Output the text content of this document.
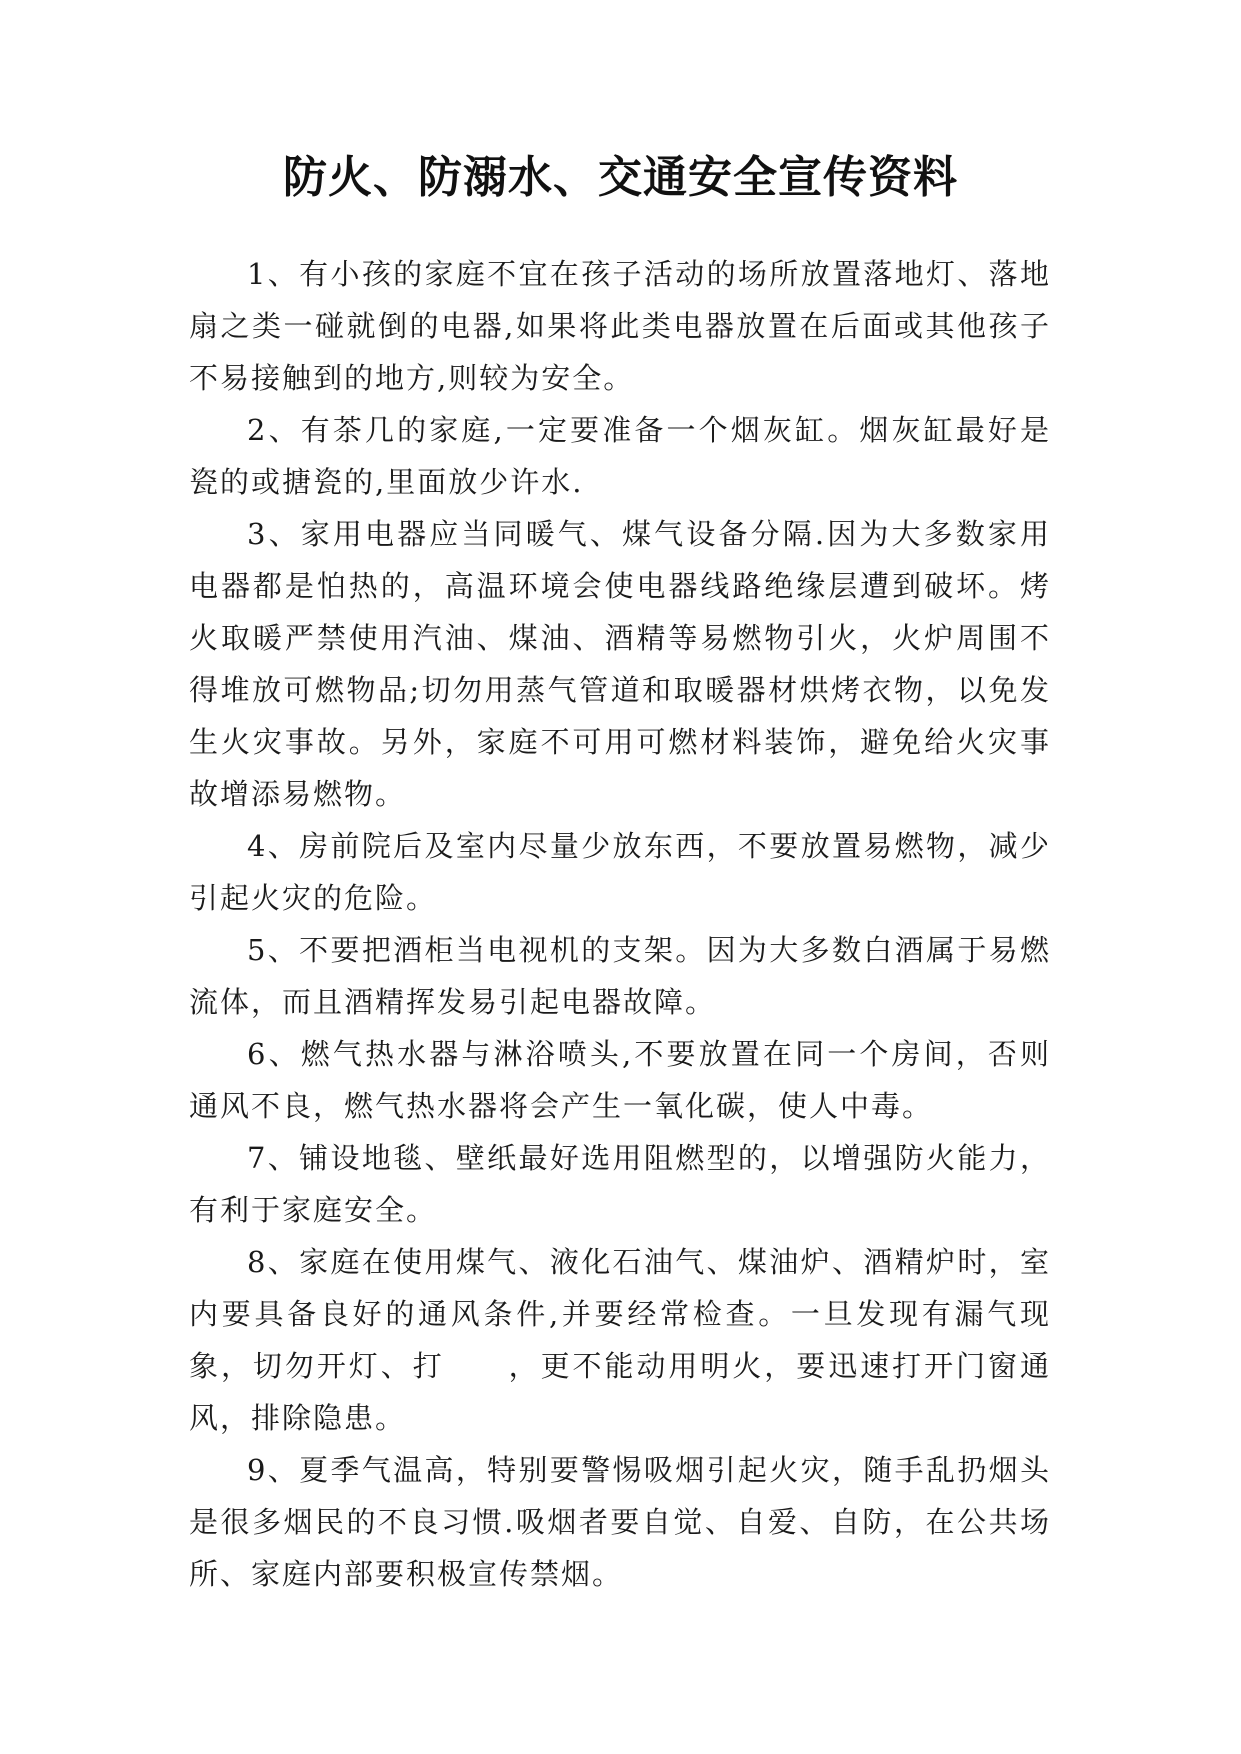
防火、防溺水、交通安全宣传资料

1、有小孩的家庭不宜在孩子活动的场所放置落地灯、落地扇之类一碰就倒的电器,如果将此类电器放置在后面或其他孩子不易接触到的地方,则较为安全。

2、有茶几的家庭,一定要准备一个烟灰缸。烟灰缸最好是瓷的或搪瓷的,里面放少许水.

3、家用电器应当同暖气、煤气设备分隔.因为大多数家用电器都是怕热的，高温环境会使电器线路绝缘层遭到破坏。烤火取暖严禁使用汽油、煤油、酒精等易燃物引火，火炉周围不得堆放可燃物品;切勿用蒸气管道和取暖器材烘烤衣物，以免发生火灾事故。另外，家庭不可用可燃材料装饰，避免给火灾事故增添易燃物。

4、房前院后及室内尽量少放东西，不要放置易燃物，减少引起火灾的危险。

5、不要把酒柜当电视机的支架。因为大多数白酒属于易燃流体，而且酒精挥发易引起电器故障。

6、燃气热水器与淋浴喷头,不要放置在同一个房间，否则通风不良，燃气热水器将会产生一氧化碳，使人中毒。

7、铺设地毯、壁纸最好选用阻燃型的，以增强防火能力，有利于家庭安全。

8、家庭在使用煤气、液化石油气、煤油炉、酒精炉时，室内要具备良好的通风条件,并要经常检查。一旦发现有漏气现象，切勿开灯、打　　，更不能动用明火，要迅速打开门窗通风，排除隐患。

9、夏季气温高，特别要警惕吸烟引起火灾，随手乱扔烟头是很多烟民的不良习惯.吸烟者要自觉、自爱、自防，在公共场所、家庭内部要积极宣传禁烟。
